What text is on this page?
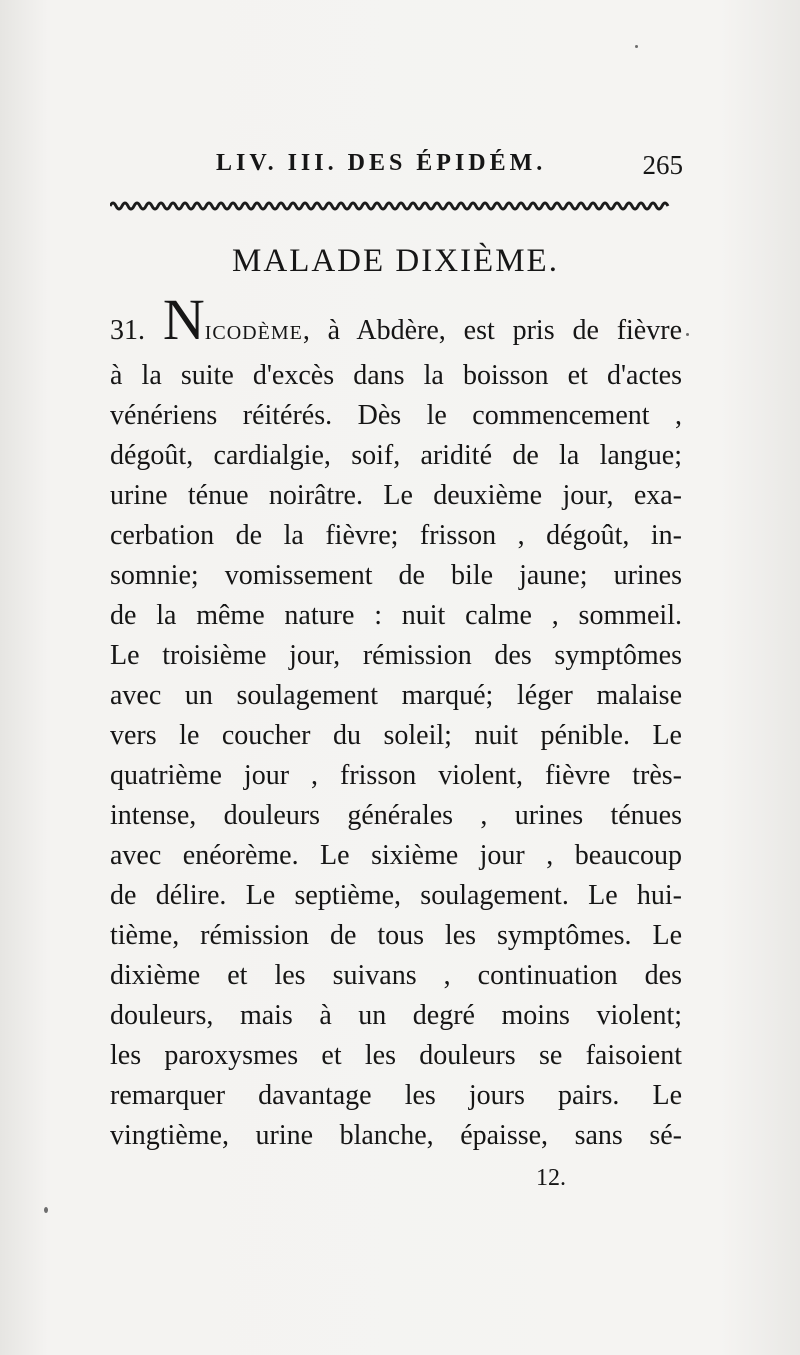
LIV. III. DES ÉPIDÉM.	265
MALADE DIXIÈME.
31. NICODÈME, à Abdère, est pris de fièvre
à la suite d'excès dans la boisson et d'actes
vénériens réitérés. Dès le commencement ,
dégoût, cardialgie, soif, aridité de la langue;
urine ténue noirâtre. Le deuxième jour, exa-
cerbation de la fièvre; frisson , dégoût, in-
somnie; vomissement de bile jaune; urines
de la même nature : nuit calme , sommeil.
Le troisième jour, rémission des symptômes
avec un soulagement marqué; léger malaise
vers le coucher du soleil; nuit pénible. Le
quatrième jour , frisson violent, fièvre très-
intense, douleurs générales , urines ténues
avec enéorème. Le sixième jour , beaucoup
de délire. Le septième, soulagement. Le hui-
tième, rémission de tous les symptômes. Le
dixième et les suivans , continuation des
douleurs, mais à un degré moins violent;
les paroxysmes et les douleurs se faisoient
remarquer davantage les jours pairs. Le
vingtième, urine blanche, épaisse, sans sé-
12.
